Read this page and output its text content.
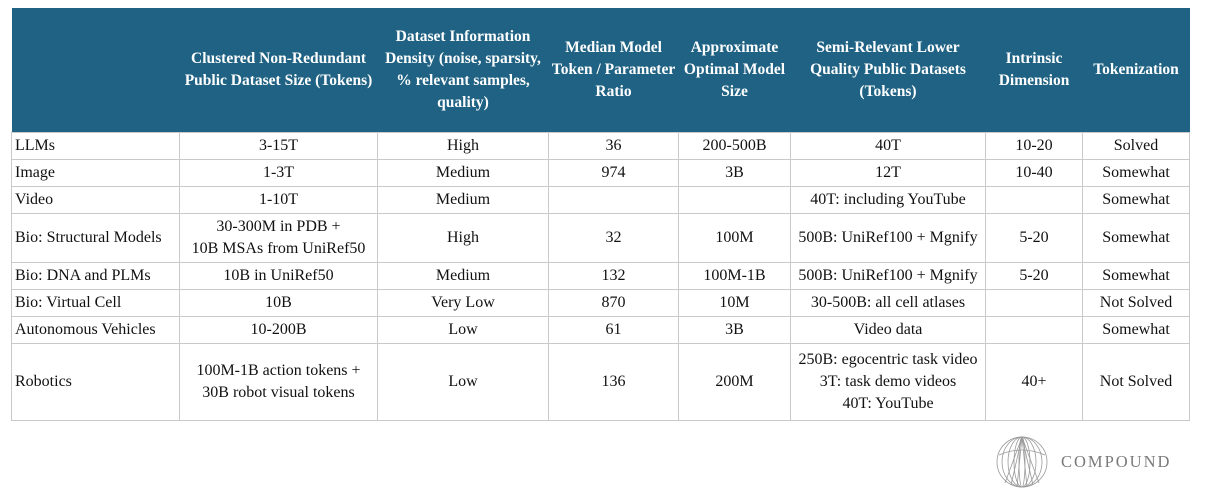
	Clustered Non-Redundant Public Dataset Size (Tokens)	Dataset Information Density (noise, sparsity, % relevant samples, quality)	Median Model Token / Parameter Ratio	Approximate Optimal Model Size	Semi-Relevant Lower Quality Public Datasets (Tokens)	Intrinsic Dimension	Tokenization
LLMs	3-15T	High	36	200-500B	40T	10-20	Solved
Image	1-3T	Medium	974	3B	12T	10-40	Somewhat
Video	1-10T	Medium			40T: including YouTube		Somewhat
Bio: Structural Models	30-300M in PDB +
10B MSAs from UniRef50	High	32	100M	500B: UniRef100 + Mgnify	5-20	Somewhat
Bio: DNA and PLMs	10B in UniRef50	Medium	132	100M-1B	500B: UniRef100 + Mgnify	5-20	Somewhat
Bio: Virtual Cell	10B	Very Low	870	10M	30-500B: all cell atlases		Not Solved
Autonomous Vehicles	10-200B	Low	61	3B	Video data		Somewhat
Robotics	100M-1B action tokens +
30B robot visual tokens	Low	136	200M	250B: egocentric task video
3T: task demo videos
40T: YouTube	40+	Not Solved
COMPOUND
